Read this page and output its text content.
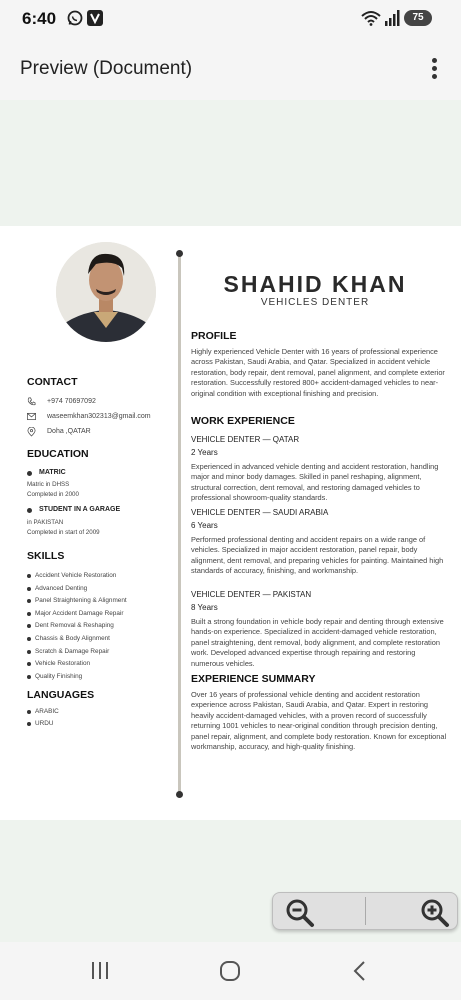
6:40	75
Preview (Document)
SHAHID KHAN
VEHICLES DENTER
CONTACT
+974 70697092
waseemkhan302313@gmail.com
Doha ,QATAR
EDUCATION
MATRIC
Matric in DHSS
Completed in 2000
STUDENT IN A GARAGE
in PAKISTAN
Completed in start of 2009
SKILLS
Accident Vehicle Restoration
Advanced Denting
Panel Straightening & Alignment
Major Accident Damage Repair
Dent Removal & Reshaping
Chassis & Body Alignment
Scratch & Damage Repair
Vehicle Restoration
Quality Finishing
LANGUAGES
ARABIC
URDU
PROFILE
Highly experienced Vehicle Denter with 16 years of professional experience across Pakistan, Saudi Arabia, and Qatar. Specialized in accident vehicle restoration, body repair, dent removal, panel alignment, and complete exterior restoration. Successfully restored 800+ accident-damaged vehicles to near-original condition with exceptional finishing and precision.
WORK EXPERIENCE
VEHICLE DENTER — QATAR
2 Years
Experienced in advanced vehicle denting and accident restoration, handling major and minor body damages. Skilled in panel reshaping, alignment, structural correction, dent removal, and restoring damaged vehicles to professional showroom-quality standards.
VEHICLE DENTER — SAUDI ARABIA
6 Years
Performed professional denting and accident repairs on a wide range of vehicles. Specialized in major accident restoration, panel repair, body alignment, dent removal, and preparing vehicles for painting. Maintained high standards of accuracy, finishing, and workmanship.
VEHICLE DENTER — PAKISTAN
8 Years
Built a strong foundation in vehicle body repair and denting through extensive hands-on experience. Specialized in accident-damaged vehicle restoration, panel straightening, dent removal, body alignment, and complete restoration work. Developed advanced expertise through repairing and restoring numerous vehicles.
EXPERIENCE SUMMARY
Over 16 years of professional vehicle denting and accident restoration experience across Pakistan, Saudi Arabia, and Qatar. Expert in restoring heavily accident-damaged vehicles, with a proven record of successfully returning 1001 vehicles to near-original condition through precision denting, panel repair, alignment, and complete body restoration. Known for exceptional workmanship, accuracy, and high-quality finishing.
